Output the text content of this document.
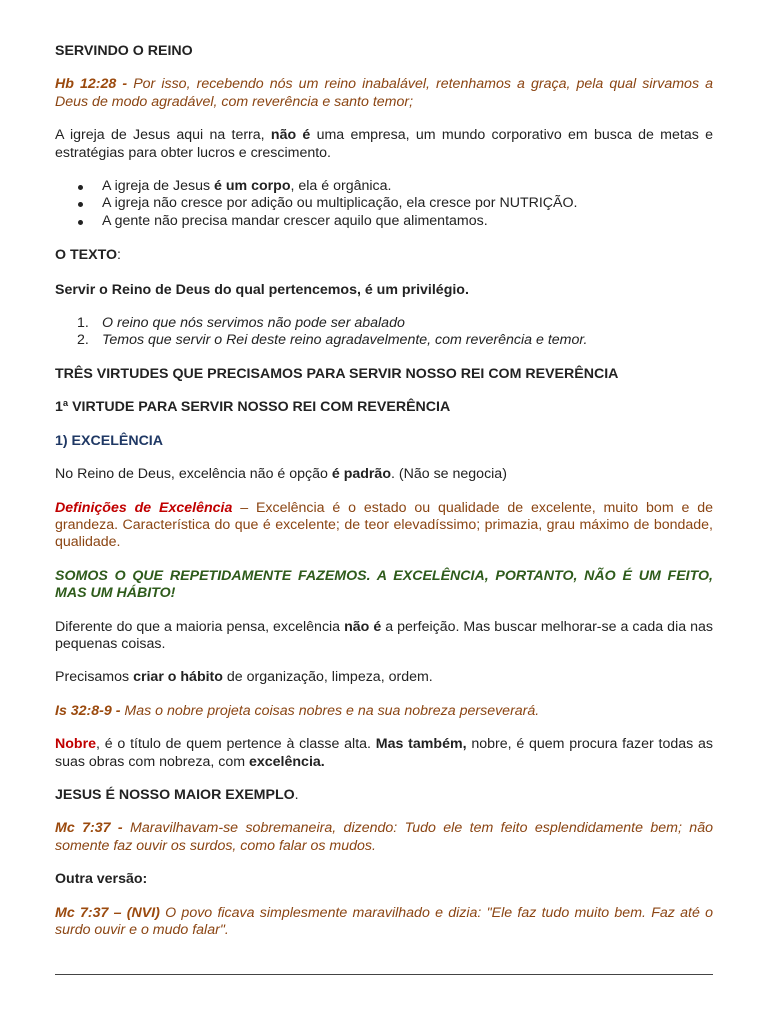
SERVINDO O REINO

Hb 12:28 - Por isso, recebendo nós um reino inabalável, retenhamos a graça, pela qual sirvamos a Deus de modo agradável, com reverência e santo temor;

A igreja de Jesus aqui na terra, não é uma empresa, um mundo corporativo em busca de metas e estratégias para obter lucros e crescimento.

A igreja de Jesus é um corpo, ela é orgânica.
A igreja não cresce por adição ou multiplicação, ela cresce por NUTRIÇÃO.
A gente não precisa mandar crescer aquilo que alimentamos.

O TEXTO:

Servir o Reino de Deus do qual pertencemos, é um privilégio.

1. O reino que nós servimos não pode ser abalado
2. Temos que servir o Rei deste reino agradavelmente, com reverência e temor.

TRÊS VIRTUDES QUE PRECISAMOS PARA SERVIR NOSSO REI COM REVERÊNCIA

1ª VIRTUDE PARA SERVIR NOSSO REI COM REVERÊNCIA

1) EXCELÊNCIA

No Reino de Deus, excelência não é opção é padrão. (Não se negocia)

Definições de Excelência – Excelência é o estado ou qualidade de excelente, muito bom e de grandeza. Característica do que é excelente; de teor elevadíssimo; primazia, grau máximo de bondade, qualidade.

SOMOS O QUE REPETIDAMENTE FAZEMOS. A EXCELÊNCIA, PORTANTO, NÃO É UM FEITO, MAS UM HÁBITO!

Diferente do que a maioria pensa, excelência não é a perfeição. Mas buscar melhorar-se a cada dia nas pequenas coisas.

Precisamos criar o hábito de organização, limpeza, ordem.

Is 32:8-9 - Mas o nobre projeta coisas nobres e na sua nobreza perseverará.

Nobre, é o título de quem pertence à classe alta. Mas também, nobre, é quem procura fazer todas as suas obras com nobreza, com excelência.

JESUS É NOSSO MAIOR EXEMPLO.

Mc 7:37 - Maravilhavam-se sobremaneira, dizendo: Tudo ele tem feito esplendidamente bem; não somente faz ouvir os surdos, como falar os mudos.

Outra versão:

Mc 7:37 – (NVI) O povo ficava simplesmente maravilhado e dizia: "Ele faz tudo muito bem. Faz até o surdo ouvir e o mudo falar".
